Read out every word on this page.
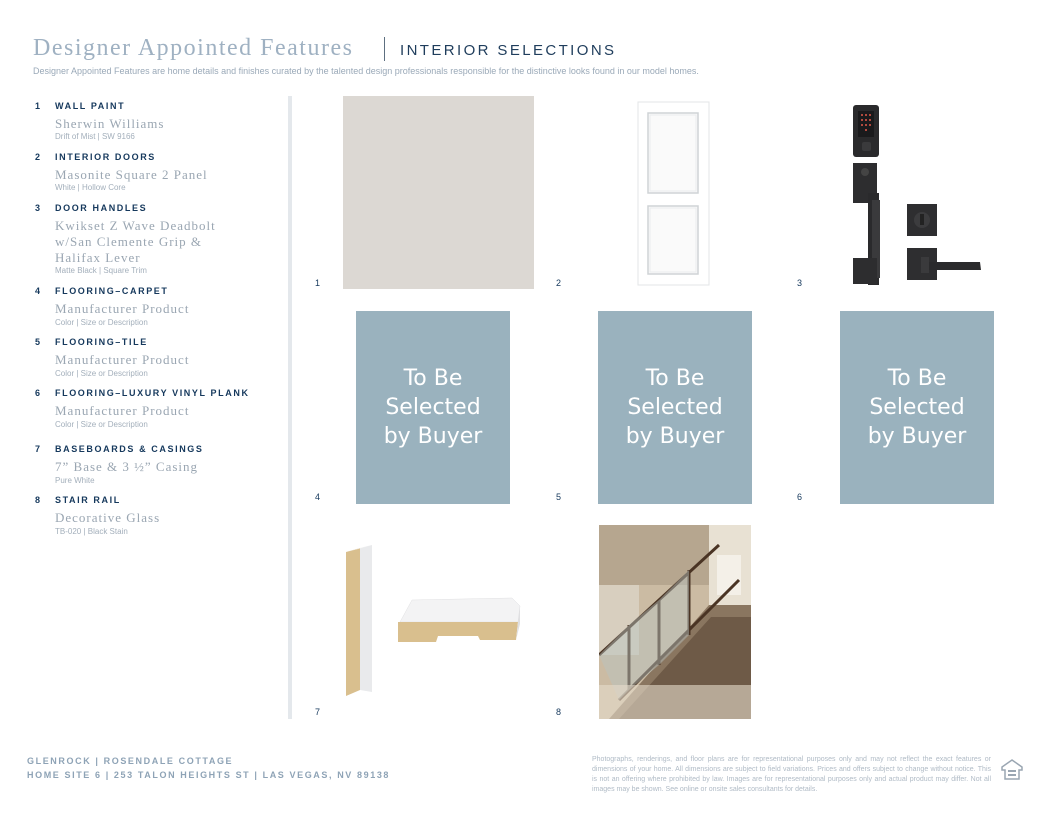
Designer Appointed Features	INTERIOR SELECTIONS
Designer Appointed Features are home details and finishes curated by the talented design professionals responsible for the distinctive looks found in our model homes.
1 WALL PAINT
Sherwin Williams
Drift of Mist | SW 9166
2 INTERIOR DOORS
Masonite Square 2 Panel
White | Hollow Core
3 DOOR HANDLES
Kwikset Z Wave Deadbolt w/San Clemente Grip & Halifax Lever
Matte Black | Square Trim
4 FLOORING–CARPET
Manufacturer Product
Color | Size or Description
5 FLOORING–TILE
Manufacturer Product
Color | Size or Description
6 FLOORING–LUXURY VINYL PLANK
Manufacturer Product
Color | Size or Description
7 BASEBOARDS & CASINGS
7” Base & 3 ½” Casing
Pure White
8 STAIR RAIL
Decorative Glass
TB-020 | Black Stain
1	2	3
4	5	6
7	8
To Be
Selected
by Buyer
To Be
Selected
by Buyer
To Be
Selected
by Buyer
GLENROCK | ROSENDALE COTTAGE
HOME SITE 6 | 253 TALON HEIGHTS ST | LAS VEGAS, NV 89138
Photographs, renderings, and floor plans are for representational purposes only and may not reflect the exact features or dimensions of your home. All dimensions are subject to field variations. Prices and offers subject to change without notice. This is not an offering where prohibited by law. Images are for representational purposes only and actual product may differ. Not all images may be shown. See online or onsite sales consultants for details.
